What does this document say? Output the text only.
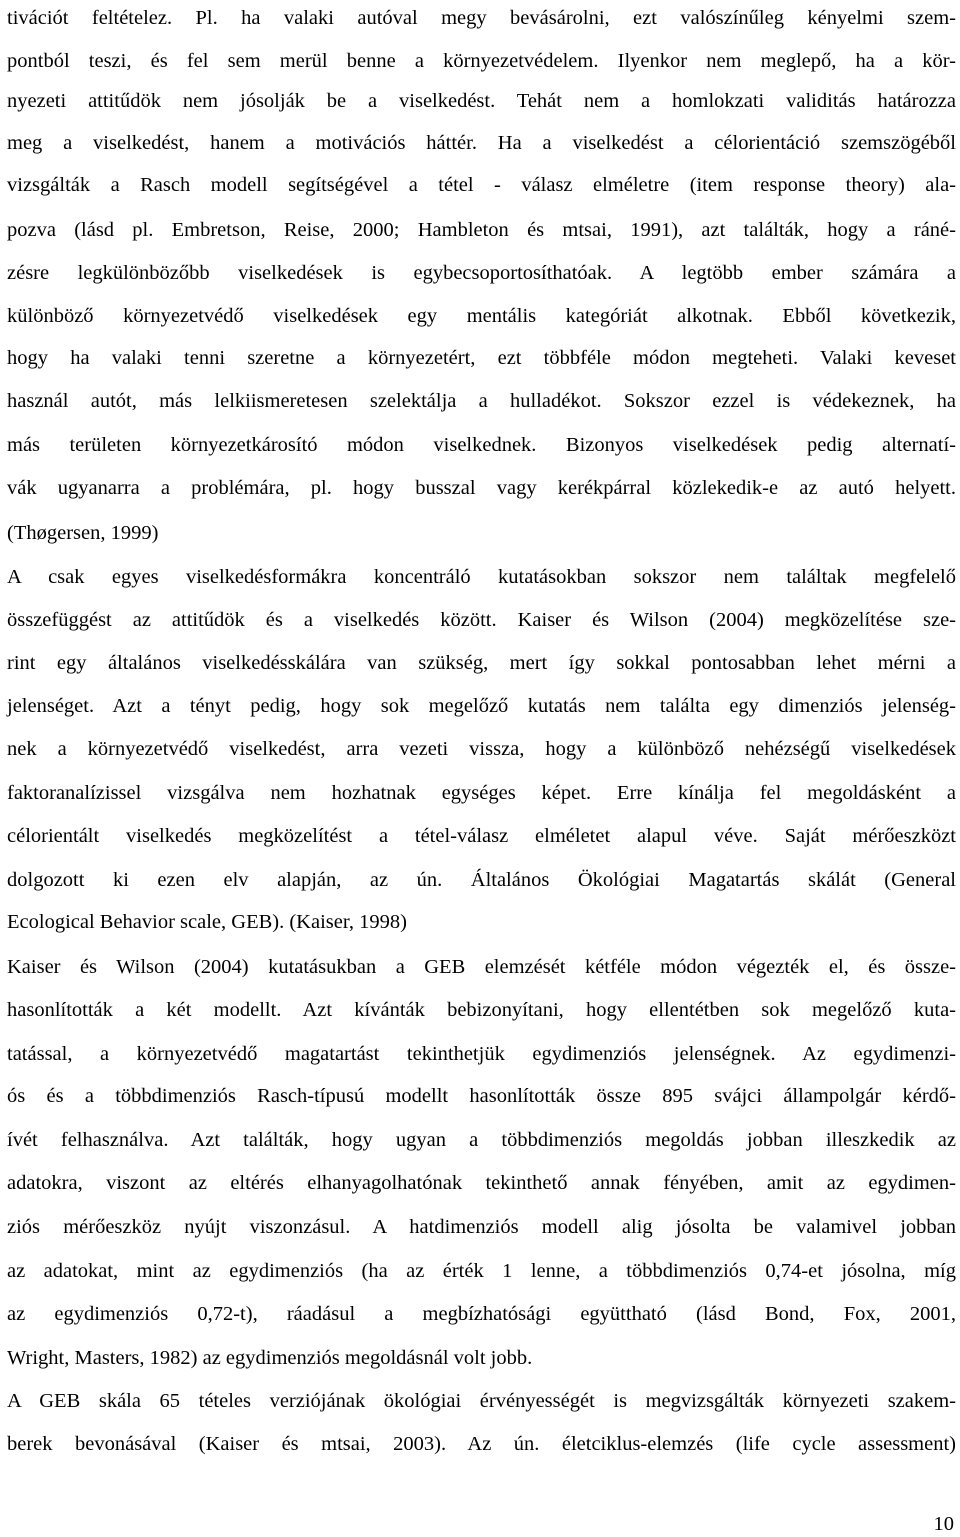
tivációt feltételez. Pl. ha valaki autóval megy bevásárolni, ezt valószínűleg kényelmi szem-
pontból teszi, és fel sem merül benne a környezetvédelem. Ilyenkor nem meglepő, ha a kör-
nyezeti attitűdök nem jósolják be a viselkedést. Tehát nem a homlokzati validitás határozza
meg a viselkedést, hanem a motivációs háttér. Ha a viselkedést a célorientáció szemszögéből
vizsgálták a Rasch modell segítségével a tétel - válasz elméletre (item response theory) ala-
pozva (lásd pl. Embretson, Reise, 2000; Hambleton és mtsai, 1991), azt találták, hogy a ráné-
zésre legkülönbözőbb viselkedések is egybecsoportosíthatóak. A legtöbb ember számára a
különböző környezetvédő viselkedések egy mentális kategóriát alkotnak. Ebből következik,
hogy ha valaki tenni szeretne a környezetért, ezt többféle módon megteheti. Valaki keveset
használ autót, más lelkiismeretesen szelektálja a hulladékot. Sokszor ezzel is védekeznek, ha
más területen környezetkárosító módon viselkednek. Bizonyos viselkedések pedig alternatí-
vák ugyanarra a problémára, pl. hogy busszal vagy kerékpárral közlekedik-e az autó helyett.
(Thøgersen, 1999)
A csak egyes viselkedésformákra koncentráló kutatásokban sokszor nem találtak megfelelő
összefüggést az attitűdök és a viselkedés között. Kaiser és Wilson (2004) megközelítése sze-
rint egy általános viselkedésskálára van szükség, mert így sokkal pontosabban lehet mérni a
jelenséget. Azt a tényt pedig, hogy sok megelőző kutatás nem találta egy dimenziós jelenség-
nek a környezetvédő viselkedést, arra vezeti vissza, hogy a különböző nehézségű viselkedések
faktoranalízissel vizsgálva nem hozhatnak egységes képet. Erre kínálja fel megoldásként a
célorientált viselkedés megközelítést a tétel-válasz elméletet alapul véve. Saját mérőeszközt
dolgozott ki ezen elv alapján, az ún. Általános Ökológiai Magatartás skálát (General
Ecological Behavior scale, GEB). (Kaiser, 1998)
Kaiser és Wilson (2004) kutatásukban a GEB elemzését kétféle módon végezték el, és össze-
hasonlították a két modellt. Azt kívánták bebizonyítani, hogy ellentétben sok megelőző kuta-
tatással, a környezetvédő magatartást tekinthetjük egydimenziós jelenségnek. Az egydimenzi-
ós és a többdimenziós Rasch-típusú modellt hasonlították össze 895 svájci állampolgár kérdő-
ívét felhasználva. Azt találták, hogy ugyan a többdimenziós megoldás jobban illeszkedik az
adatokra, viszont az eltérés elhanyagolhatónak tekinthető annak fényében, amit az egydimen-
ziós mérőeszköz nyújt viszonzásul. A hatdimenziós modell alig jósolta be valamivel jobban
az adatokat, mint az egydimenziós (ha az érték 1 lenne, a többdimenziós 0,74-et jósolna, míg
az egydimenziós 0,72-t), ráadásul a megbízhatósági együttható (lásd Bond, Fox, 2001,
Wright, Masters, 1982) az egydimenziós megoldásnál volt jobb.
A GEB skála 65 tételes verziójának ökológiai érvényességét is megvizsgálták környezeti szakem-
berek bevonásával (Kaiser és mtsai, 2003). Az ún. életciklus-elemzés (life cycle assessment)
10
